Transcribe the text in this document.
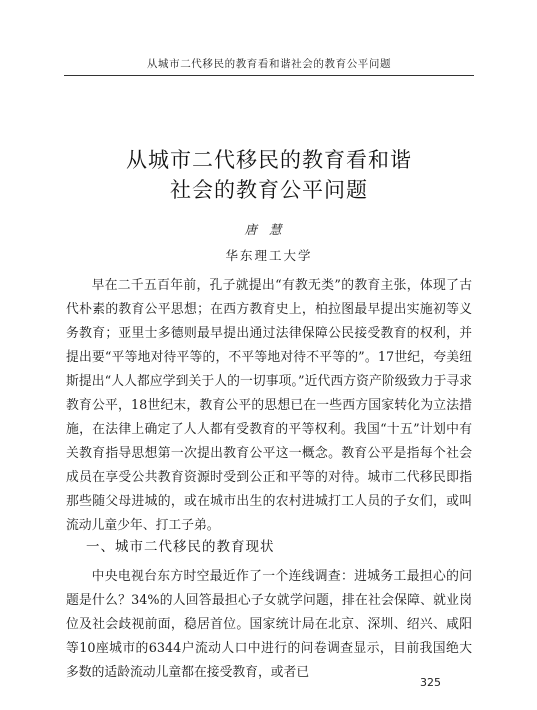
从城市二代移民的教育看和谐社会的教育公平问题
从城市二代移民的教育看和谐
社会的教育公平问题
唐慧
华东理工大学

早在二千五百年前，孔子就提出“有教无类”的教育主张，体现了古代朴素的教育公平思想；在西方教育史上，柏拉图最早提出实施初等义务教育；亚里士多德则最早提出通过法律保障公民接受教育的权利，并提出要“平等地对待平等的，不平等地对待不平等的”。17世纪，夸美纽斯提出“人人都应学到关于人的一切事项。”近代西方资产阶级致力于寻求教育公平，18世纪末，教育公平的思想已在一些西方国家转化为立法措施，在法律上确定了人人都有受教育的平等权利。我国“十五”计划中有关教育指导思想第一次提出教育公平这一概念。教育公平是指每个社会成员在享受公共教育资源时受到公正和平等的对待。城市二代移民即指那些随父母进城的，或在城市出生的农村进城打工人员的子女们，或叫流动儿童少年、打工子弟。

一、城市二代移民的教育现状

中央电视台东方时空最近作了一个连线调查：进城务工最担心的问题是什么？34%的人回答最担心子女就学问题，排在社会保障、就业岗位及社会歧视前面，稳居首位。国家统计局在北京、深圳、绍兴、咸阳等10座城市的6344户流动人口中进行的问卷调查显示，目前我国绝大多数的适龄流动儿童都在接受教育，或者已

325
